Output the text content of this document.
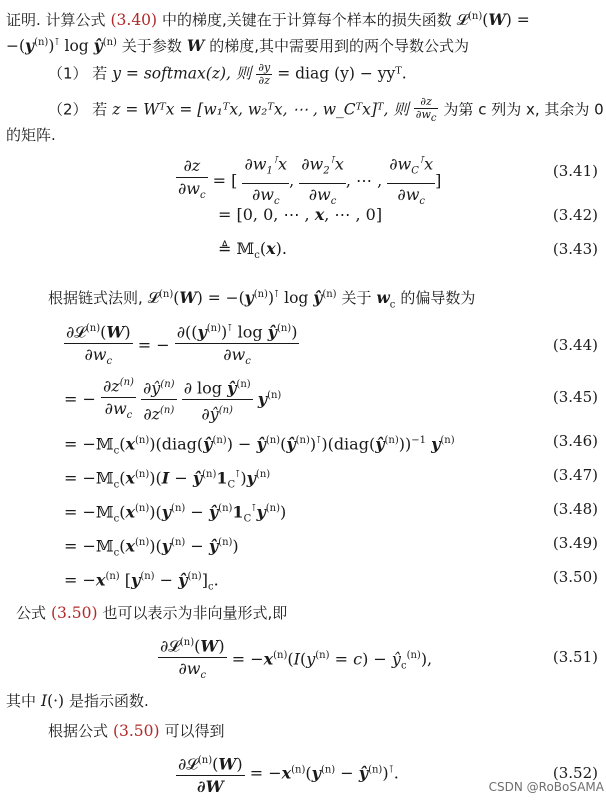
证明. 计算公式 (3.40) 中的梯度,关键在于计算每个样本的损失函数 𝓛$^{(n)}$(W) =
$-(y^{(n)})^⊺$ $\log ŷ^{(n)}$ 关于参数 W 的梯度,其中需要用到的两个导数公式为
（1） 若 y = softmax(z), 则 $\frac{\partial y}{\partial z}$ = diag (y) − yyᵀ.
（2） 若 z = Wᵀx = [w₁ᵀx, w₂ᵀx, ⋯ , w_Cᵀx]ᵀ, 则 $\frac{\partial z}{\partial w_c}$ 为第 c 列为 x, 其余为 0
的矩阵.
$\frac{\partial z}{\partial w_c}$ = [ $\frac{\partial w_1^⊺x}{\partial w_c}$ , $\frac{\partial w_2^⊺x}{\partial w_c}$ , ⋯ , $\frac{\partial w_C^⊺x}{\partial w_c}$ ]	(3.41)
= [0, 0, ⋯ , x, ⋯ , 0]	(3.42)
≜ 𝕄$_c$(x).	(3.43)
根据链式法则, 𝓛$^{(n)}$(W) = $-(y^{(n)})^⊺$ $\log ŷ^{(n)}$ 关于 $w_c$ 的偏导数为
$\frac{\partial 𝓛^{(n)}(W)}{\partial w_c}$ = − $\frac{\partial((y^{(n)})^⊺ \log ŷ^{(n)})}{\partial w_c}$	(3.44)
= − $\frac{\partial z^{(n)}}{\partial w_c}$
$\frac{\partial ŷ^{(n)}}{\partial z^{(n)}}$
$\frac{\partial \log ŷ^{(n)}}{\partial ŷ^{(n)}} y^{(n)}$	(3.45)
= $-𝕄_c(x^{(n)})(diag(ŷ^{(n)})$ − $ŷ^{(n)}(ŷ^{(n)})^⊺)(diag(ŷ^{(n)}))^{-1}$ $y^{(n)}$	(3.46)
= $-𝕄_c(x^{(n)})(I$ − $ŷ^{(n)}1_C^⊺)y^{(n)}$	(3.47)
= $-𝕄_c(x^{(n)})(y^{(n)}$ − $ŷ^{(n)}1_C^⊺y^{(n)}$)	(3.48)
= $-𝕄_c(x^{(n)})(y^{(n)}$ − $ŷ^{(n)}$)	(3.49)
= $-x^{(n)}$ [$y^{(n)}$ − $ŷ^{(n)}]_c$.	(3.50)
公式 (3.50) 也可以表示为非向量形式,即
$\frac{\partial 𝓛^{(n)}(W)}{\partial w_c} = -x^{(n)}(I(y^{(n)} = c)$ − $ŷ_c^{(n)}$),	(3.51)
其中 I(·) 是指示函数.
根据公式 (3.50) 可以得到
$\frac{\partial 𝓛^{(n)}(W)}{\partial W} = -x^{(n)}(y^{(n)}$ − $ŷ^{(n)})^⊺$.	(3.52)
CSDN @RoBoSAMA
